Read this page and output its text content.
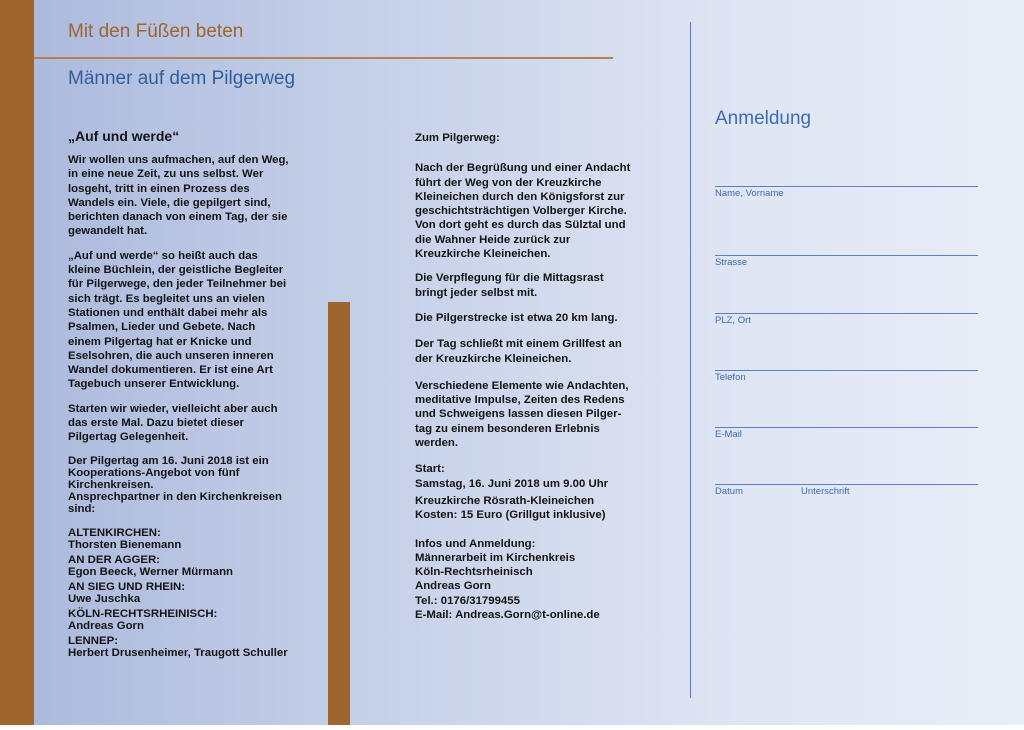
Mit den Füßen beten
Männer auf dem Pilgerweg
„Auf und werde“

Wir wollen uns aufmachen, auf den Weg,
in eine neue Zeit, zu uns selbst. Wer
losgeht, tritt in einen Prozess des
Wandels ein. Viele, die gepilgert sind,
berichten danach von einem Tag, der sie
gewandelt hat.

„Auf und werde“ so heißt auch das
kleine Büchlein, der geistliche Begleiter
für Pilgerwege, den jeder Teilnehmer bei
sich trägt. Es begleitet uns an vielen
Stationen und enthält dabei mehr als
Psalmen, Lieder und Gebete. Nach
einem Pilgertag hat er Knicke und
Eselsohren, die auch unseren inneren
Wandel dokumentieren. Er ist eine Art
Tagebuch unserer Entwicklung.

Starten wir wieder, vielleicht aber auch
das erste Mal. Dazu bietet dieser
Pilgertag Gelegenheit.

Der Pilgertag am 16. Juni 2018 ist ein
Kooperations-Angebot von fünf
Kirchenkreisen.
Ansprechpartner in den Kirchenkreisen
sind:

ALTENKIRCHEN:
Thorsten Bienemann

AN DER AGGER:
Egon Beeck, Werner Mürmann

AN SIEG UND RHEIN:
Uwe Juschka

KÖLN-RECHTSRHEINISCH:
Andreas Gorn

LENNEP:
Herbert Drusenheimer, Traugott Schuller

Zum Pilgerweg:

Nach der Begrüßung und einer Andacht
führt der Weg von der Kreuzkirche
Kleineichen durch den Königsforst zur
geschichtsträchtigen Volberger Kirche.
Von dort geht es durch das Sülztal und
die Wahner Heide zurück zur
Kreuzkirche Kleineichen.

Die Verpflegung für die Mittagsrast
bringt jeder selbst mit.

Die Pilgerstrecke ist etwa 20 km lang.

Der Tag schließt mit einem Grillfest an
der Kreuzkirche Kleineichen.

Verschiedene Elemente wie Andachten,
meditative Impulse, Zeiten des Redens
und Schweigens lassen diesen Pilger-
tag zu einem besonderen Erlebnis
werden.

Start:
Samstag, 16. Juni 2018 um 9.00 Uhr

Kreuzkirche Rösrath-Kleineichen
Kosten: 15 Euro (Grillgut inklusive)

Infos und Anmeldung:
Männerarbeit im Kirchenkreis
Köln-Rechtsrheinisch
Andreas Gorn
Tel.: 0176/31799455
E-Mail: Andreas.Gorn@t-online.de

Anmeldung
Name, Vorname
Strasse
PLZ, Ort
Telefon
E-Mail
Datum	Unterschrift
